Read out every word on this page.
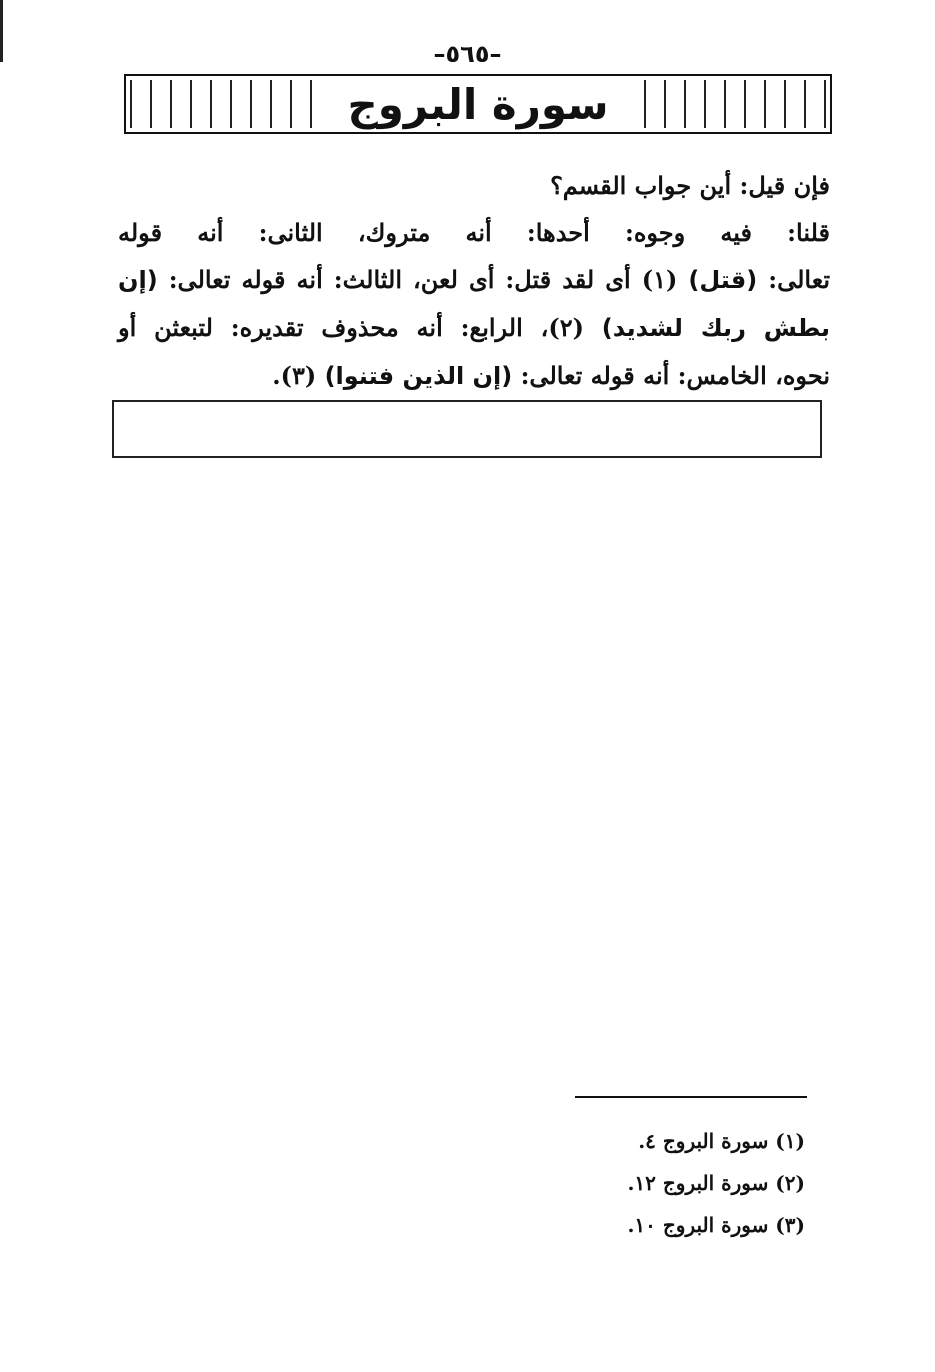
–٥٦٥–
سورة البروج
فإن قيل: أين جواب القسم؟
قلنا: فيه وجوه: أحدها: أنه متروك، الثانى: أنه قوله
تعالى: (قتل) (١) أى لقد قتل: أى لعن، الثالث: أنه قوله تعالى: (إن
بطش ربك لشديد) (٢)، الرابع: أنه محذوف تقديره: لتبعثن أو
نحوه، الخامس: أنه قوله تعالى: (إن الذين فتنوا) (٣).
(١) سورة البروج ٤.
(٢) سورة البروج ١٢.
(٣) سورة البروج ١٠.
